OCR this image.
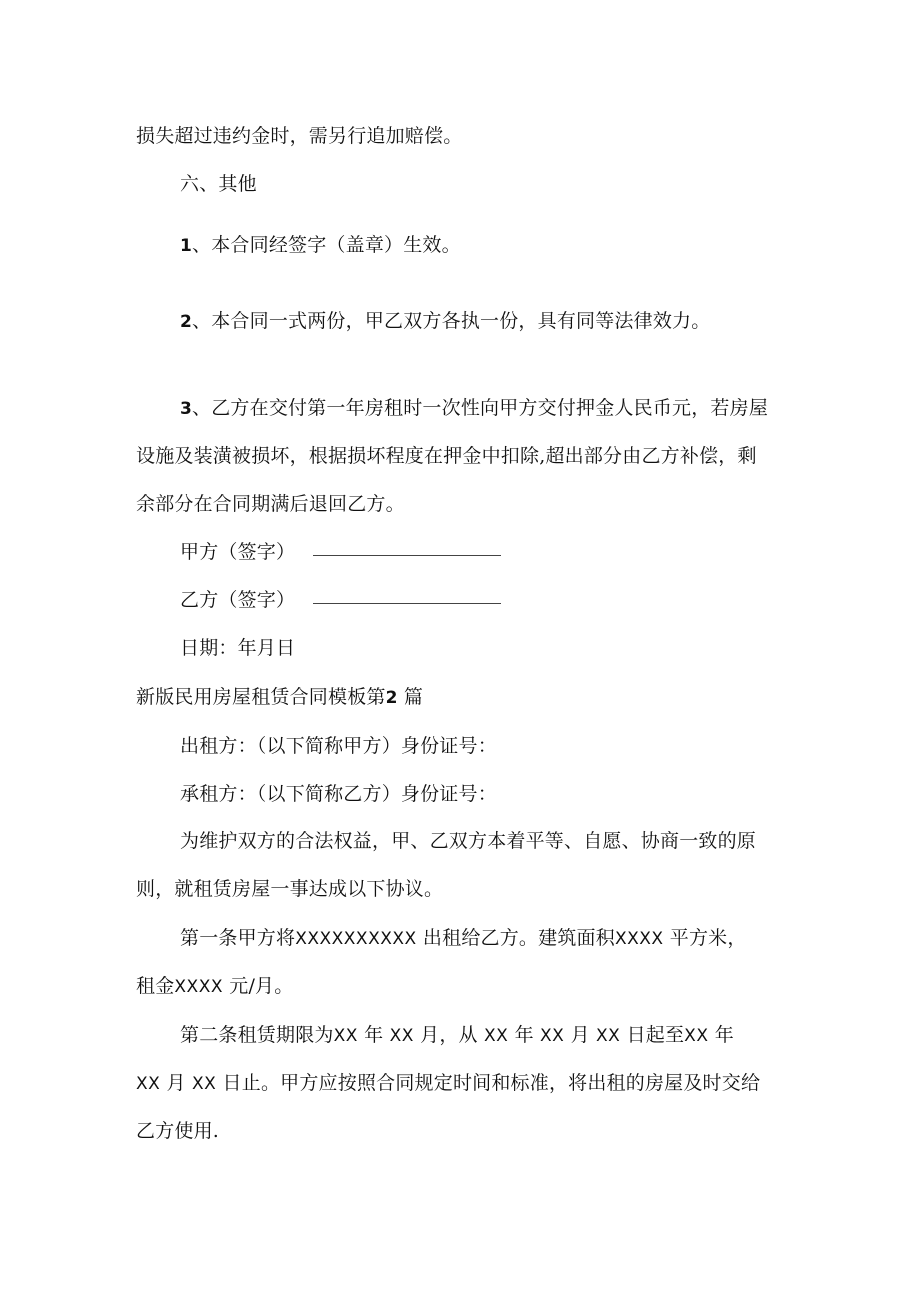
损失超过违约金时，需另行追加赔偿。
六、其他
1、本合同经签字（盖章）生效。
2、本合同一式两份，甲乙双方各执一份，具有同等法律效力。
3、乙方在交付第一年房租时一次性向甲方交付押金人民币元，若房屋
设施及装潢被损坏，根据损坏程度在押金中扣除,超出部分由乙方补偿，剩
余部分在合同期满后退回乙方。
甲方（签字）
乙方（签字）
日期：年月日
新版民用房屋租赁合同模板第2 篇
出租方：（以下简称甲方）身份证号：
承租方：（以下简称乙方）身份证号：
为维护双方的合法权益，甲、乙双方本着平等、自愿、协商一致的原
则，就租赁房屋一事达成以下协议。
第一条甲方将XXXXXXXXXX 出租给乙方。建筑面积XXXX 平方米，
租金XXXX 元/月。
第二条租赁期限为XX 年 XX 月，从 XX 年 XX 月 XX 日起至XX 年
XX 月 XX 日止。甲方应按照合同规定时间和标准，将出租的房屋及时交给
乙方使用.
